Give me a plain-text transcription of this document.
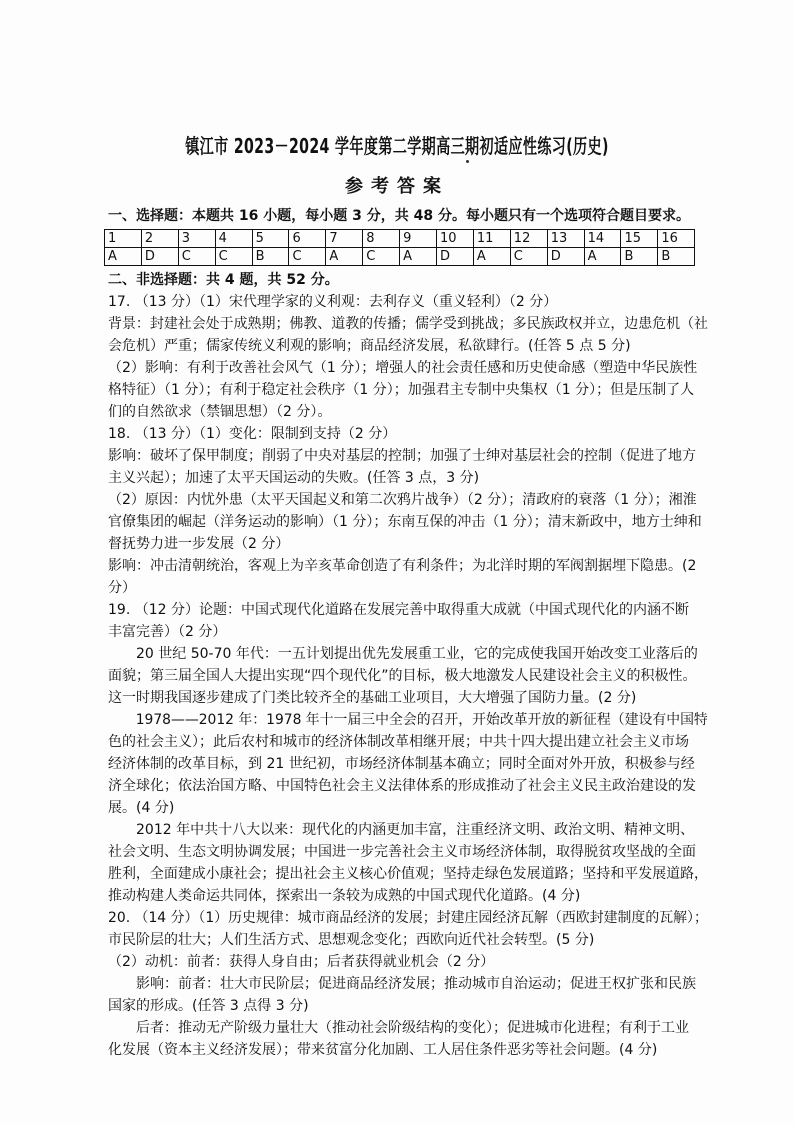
镇江市 2023－2024 学年度第二学期高三期初适应性练习(历史)
参考答案
一、选择题：本题共 16 小题，每小题 3 分，共 48 分。每小题只有一个选项符合题目要求。
1	2	3	4	5	6	7	8	9	10	11	12	13	14	15	16
A	D	C	C	B	C	A	C	A	D	A	C	D	A	B	B
二、非选择题：共 4 题，共 52 分。
17. （13 分）（1）宋代理学家的义利观：去利存义（重义轻利）（2 分）
背景：封建社会处于成熟期；佛教、道教的传播；儒学受到挑战；多民族政权并立，边患危机（社
会危机）严重；儒家传统义利观的影响；商品经济发展，私欲肆行。(任答 5 点 5 分)
（2）影响：有利于改善社会风气（1 分）；增强人的社会责任感和历史使命感（塑造中华民族性
格特征）（1 分）；有利于稳定社会秩序（1 分）；加强君主专制中央集权（1 分）；但是压制了人
们的自然欲求（禁锢思想）（2 分）。
18. （13 分）（1）变化：限制到支持（2 分）
影响：破坏了保甲制度；削弱了中央对基层的控制；加强了士绅对基层社会的控制（促进了地方
主义兴起）；加速了太平天国运动的失败。(任答 3 点，3 分)
（2）原因：内忧外患（太平天国起义和第二次鸦片战争）（2 分）；清政府的衰落（1 分）；湘淮
官僚集团的崛起（洋务运动的影响）（1 分）；东南互保的冲击（1 分）；清末新政中，地方士绅和
督抚势力进一步发展（2 分）
影响：冲击清朝统治，客观上为辛亥革命创造了有利条件；为北洋时期的军阀割据埋下隐患。(2
分）
19. （12 分）论题：中国式现代化道路在发展完善中取得重大成就（中国式现代化的内涵不断
丰富完善）（2 分）
　　20 世纪 50-70 年代：一五计划提出优先发展重工业，它的完成使我国开始改变工业落后的
面貌；第三届全国人大提出实现“四个现代化”的目标，极大地激发人民建设社会主义的积极性。
这一时期我国逐步建成了门类比较齐全的基础工业项目，大大增强了国防力量。(2 分)
　　1978——2012 年：1978 年十一届三中全会的召开，开始改革开放的新征程（建设有中国特
色的社会主义）；此后农村和城市的经济体制改革相继开展；中共十四大提出建立社会主义市场
经济体制的改革目标，到 21 世纪初，市场经济体制基本确立；同时全面对外开放，积极参与经
济全球化；依法治国方略、中国特色社会主义法律体系的形成推动了社会主义民主政治建设的发
展。(4 分)
　　2012 年中共十八大以来：现代化的内涵更加丰富，注重经济文明、政治文明、精神文明、
社会文明、生态文明协调发展；中国进一步完善社会主义市场经济体制，取得脱贫攻坚战的全面
胜利，全面建成小康社会；提出社会主义核心价值观；坚持走绿色发展道路；坚持和平发展道路，
推动构建人类命运共同体，探索出一条较为成熟的中国式现代化道路。(4 分)
20. （14 分）（1）历史规律：城市商品经济的发展；封建庄园经济瓦解（西欧封建制度的瓦解）；
市民阶层的壮大；人们生活方式、思想观念变化；西欧向近代社会转型。(5 分)
（2）动机：前者：获得人身自由；后者获得就业机会（2 分）
　　影响：前者：壮大市民阶层；促进商品经济发展；推动城市自治运动；促进王权扩张和民族
国家的形成。(任答 3 点得 3 分)
　　后者：推动无产阶级力量壮大（推动社会阶级结构的变化）；促进城市化进程；有利于工业
化发展（资本主义经济发展）；带来贫富分化加剧、工人居住条件恶劣等社会问题。(4 分)
